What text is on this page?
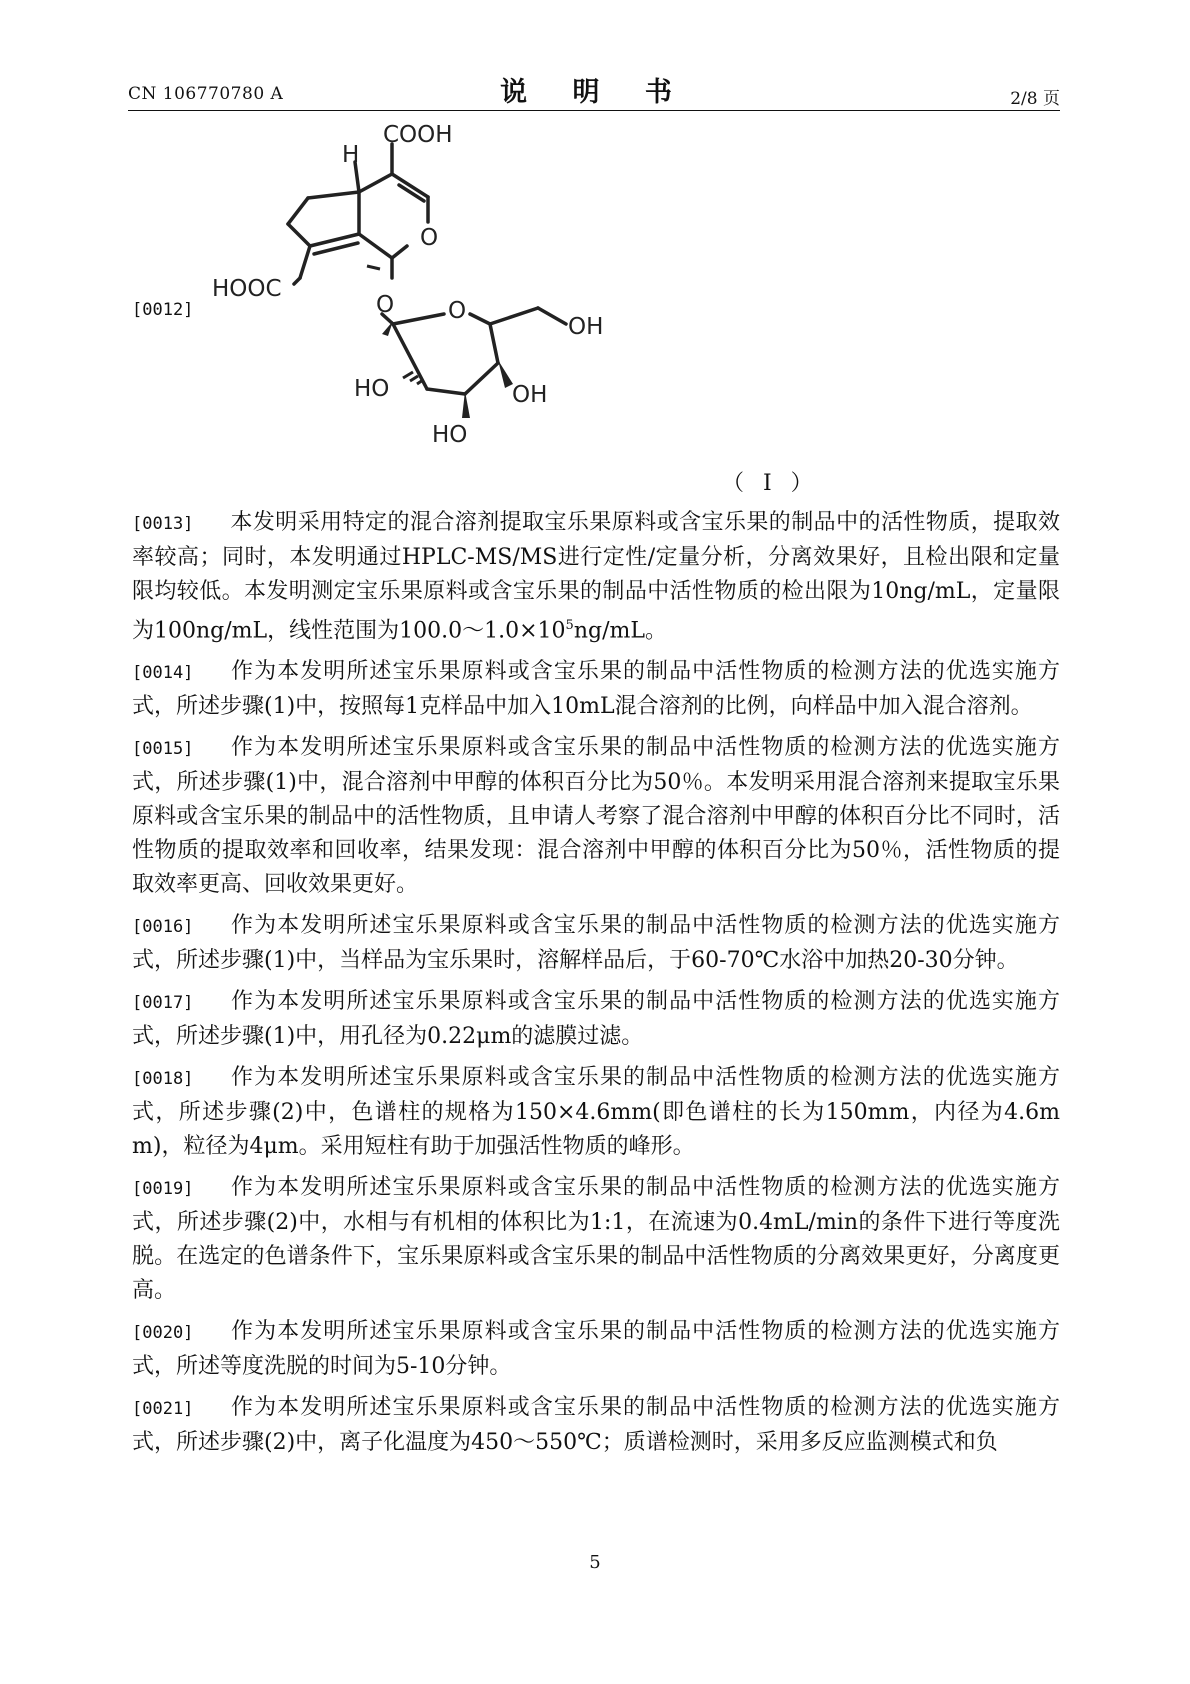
CN 106770780 A	说 明 书	2/8 页
[0012]
COOH
H
HOOC
O
O O
OH
OH
HO
HO
（ I ）

[0013] 本发明采用特定的混合溶剂提取宝乐果原料或含宝乐果的制品中的活性物质，提取效率较高；同时，本发明通过HPLC-MS/MS进行定性/定量分析，分离效果好，且检出限和定量限均较低。本发明测定宝乐果原料或含宝乐果的制品中活性物质的检出限为10ng/mL，定量限为100ng/mL，线性范围为$100.0\sim 1.0\times 10^5ng/mL$。

[0014] 作为本发明所述宝乐果原料或含宝乐果的制品中活性物质的检测方法的优选实施方式，所述步骤(1)中，按照每1克样品中加入10mL混合溶剂的比例，向样品中加入混合溶剂。

[0015] 作为本发明所述宝乐果原料或含宝乐果的制品中活性物质的检测方法的优选实施方式，所述步骤(1)中，混合溶剂中甲醇的体积百分比为50％。本发明采用混合溶剂来提取宝乐果原料或含宝乐果的制品中的活性物质，且申请人考察了混合溶剂中甲醇的体积百分比不同时，活性物质的提取效率和回收率，结果发现：混合溶剂中甲醇的体积百分比为50％，活性物质的提取效率更高、回收效果更好。

[0016] 作为本发明所述宝乐果原料或含宝乐果的制品中活性物质的检测方法的优选实施方式，所述步骤(1)中，当样品为宝乐果时，溶解样品后，于60-70℃水浴中加热20-30分钟。

[0017] 作为本发明所述宝乐果原料或含宝乐果的制品中活性物质的检测方法的优选实施方式，所述步骤(1)中，用孔径为0.22μm的滤膜过滤。

[0018] 作为本发明所述宝乐果原料或含宝乐果的制品中活性物质的检测方法的优选实施方式，所述步骤(2)中，色谱柱的规格为150×4.6mm(即色谱柱的长为150mm，内径为4.6mm)，粒径为4μm。采用短柱有助于加强活性物质的峰形。

[0019] 作为本发明所述宝乐果原料或含宝乐果的制品中活性物质的检测方法的优选实施方式，所述步骤(2)中，水相与有机相的体积比为1:1，在流速为0.4mL/min的条件下进行等度洗脱。在选定的色谱条件下，宝乐果原料或含宝乐果的制品中活性物质的分离效果更好，分离度更高。

[0020] 作为本发明所述宝乐果原料或含宝乐果的制品中活性物质的检测方法的优选实施方式，所述等度洗脱的时间为5-10分钟。

[0021] 作为本发明所述宝乐果原料或含宝乐果的制品中活性物质的检测方法的优选实施方式，所述步骤(2)中，离子化温度为450～550℃；质谱检测时，采用多反应监测模式和负

5
